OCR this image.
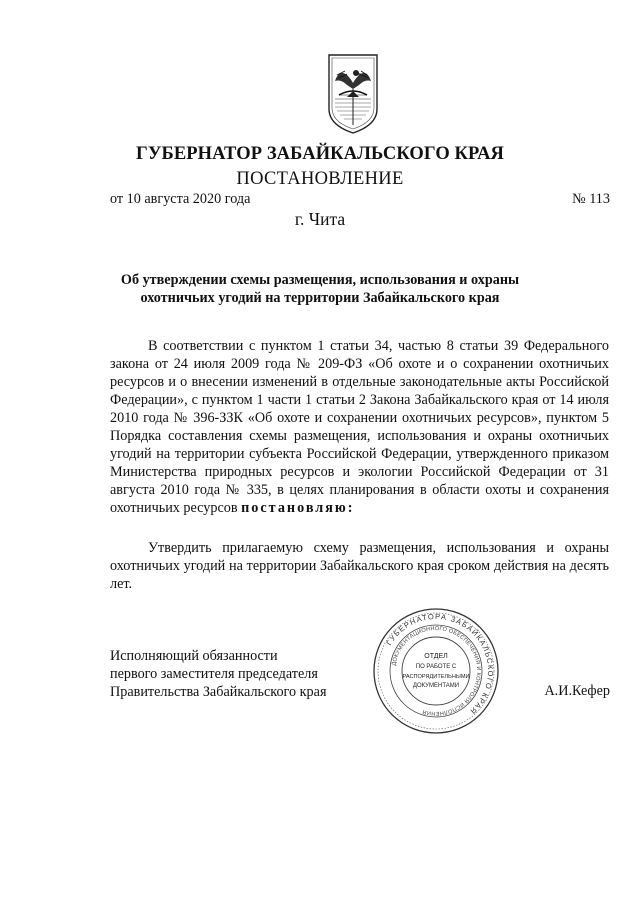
ГУБЕРНАТОР ЗАБАЙКАЛЬСКОГО КРАЯ
ПОСТАНОВЛЕНИЕ
от 10 августа 2020 года	№ 113
г. Чита
Об утверждении схемы размещения, использования и охраны
охотничьих угодий на территории Забайкальского края

В соответствии с пунктом 1 статьи 34, частью 8 статьи 39 Федерального закона от 24 июля 2009 года № 209-ФЗ «Об охоте и о сохранении охотничьих ресурсов и о внесении изменений в отдельные законодательные акты Российской Федерации», с пунктом 1 части 1 статьи 2 Закона Забайкальского края от 14 июля 2010 года № 396-ЗЗК «Об охоте и сохранении охотничьих ресурсов», пунктом 5 Порядка составления схемы размещения, использования и охраны охотничьих угодий на территории субъекта Российской Федерации, утвержденного приказом Министерства природных ресурсов и экологии Российской Федерации от 31 августа 2010 года № 335, в целях планирования в области охоты и сохранения охотничьих ресурсов постановляю:

Утвердить прилагаемую схему размещения, использования и охраны охотничьих угодий на территории Забайкальского края сроком действия на десять лет.

Исполняющий обязанности
первого заместителя председателя
Правительства Забайкальского края	А.И.Кефер
ГУБЕРНАТОРА ЗАБАЙКАЛЬСКОГО КРАЯ
ДОКУМЕНТАЦИОННОГО ОБЕСПЕЧЕНИЯ И КОНТРОЛЯ ИСПОЛНЕНИЯ
ОТДЕЛ
ПО РАБОТЕ С
РАСПОРЯДИТЕЛЬНЫМИ
ДОКУМЕНТАМИ
